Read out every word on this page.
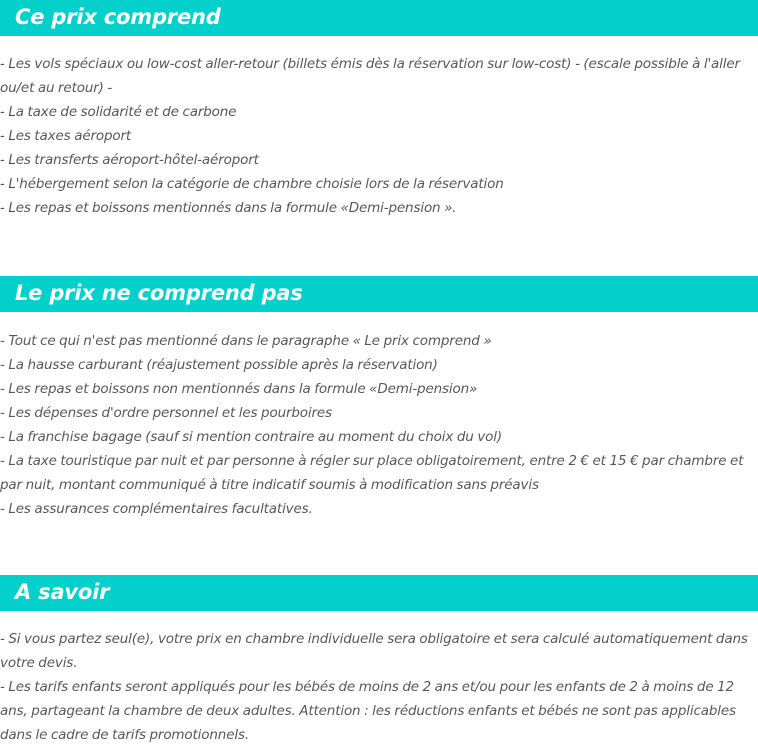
Ce prix comprend
- Les vols spéciaux ou low-cost aller-retour (billets émis dès la réservation sur low-cost) - (escale possible à l'aller ou/et au retour) -
- La taxe de solidarité et de carbone
- Les taxes aéroport
- Les transferts aéroport-hôtel-aéroport
- L'hébergement selon la catégorie de chambre choisie lors de la réservation
- Les repas et boissons mentionnés dans la formule «Demi-pension ».
Le prix ne comprend pas
- Tout ce qui n'est pas mentionné dans le paragraphe « Le prix comprend »
- La hausse carburant (réajustement possible après la réservation)
- Les repas et boissons non mentionnés dans la formule «Demi-pension»
- Les dépenses d'ordre personnel et les pourboires
- La franchise bagage (sauf si mention contraire au moment du choix du vol)
- La taxe touristique par nuit et par personne à régler sur place obligatoirement, entre 2 € et 15 € par chambre et par nuit, montant communiqué à titre indicatif soumis à modification sans préavis
- Les assurances complémentaires facultatives.
A savoir
- Si vous partez seul(e), votre prix en chambre individuelle sera obligatoire et sera calculé automatiquement dans votre devis.
- Les tarifs enfants seront appliqués pour les bébés de moins de 2 ans et/ou pour les enfants de 2 à moins de 12 ans, partageant la chambre de deux adultes. Attention : les réductions enfants et bébés ne sont pas applicables dans le cadre de tarifs promotionnels.
